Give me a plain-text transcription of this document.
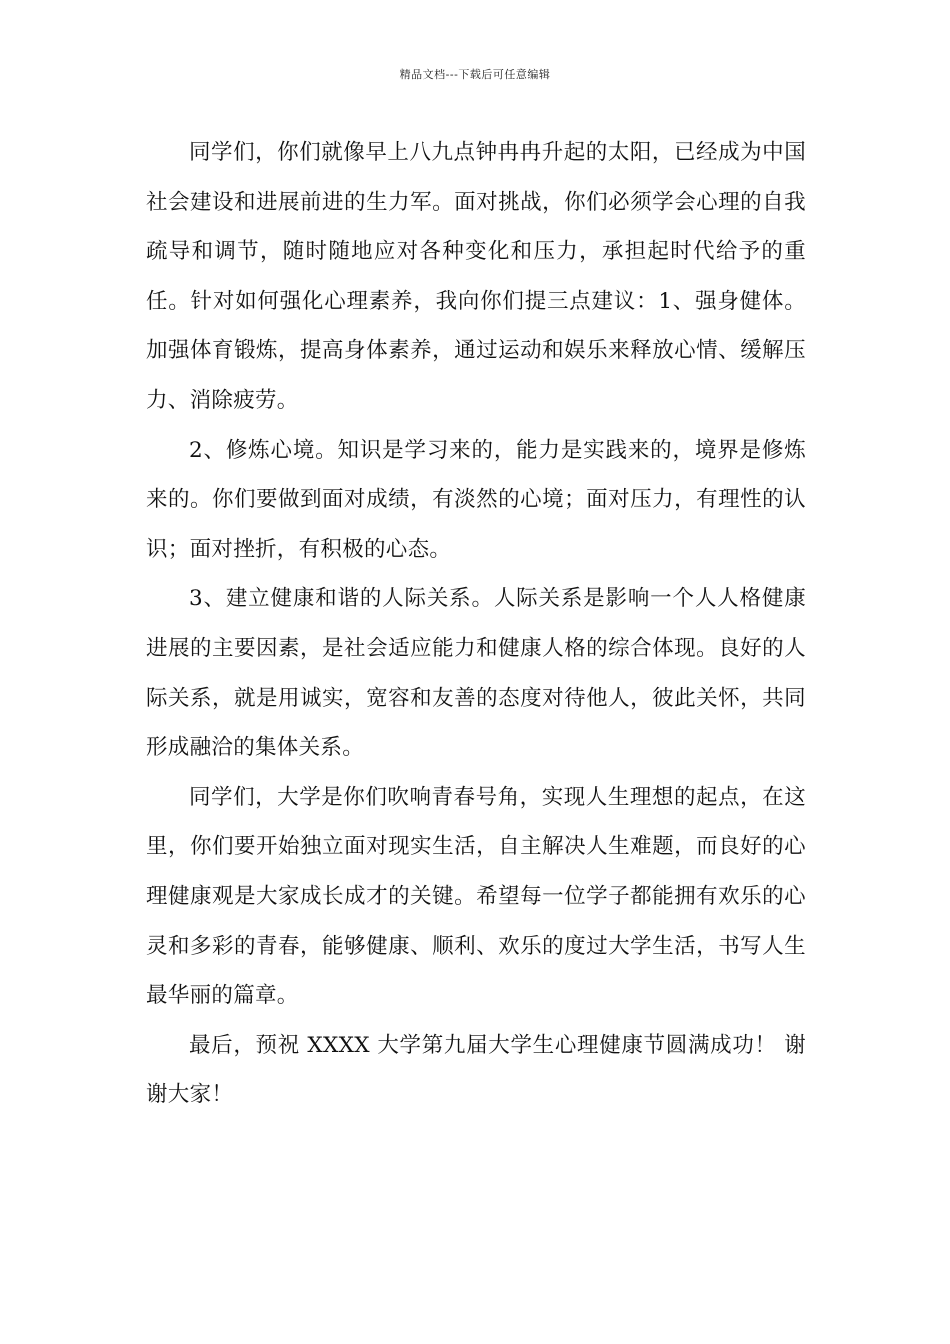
精品文档---下载后可任意编辑

同学们，你们就像早上八九点钟冉冉升起的太阳，已经成为中国社会建设和进展前进的生力军。面对挑战，你们必须学会心理的自我疏导和调节，随时随地应对各种变化和压力，承担起时代给予的重任。针对如何强化心理素养，我向你们提三点建议：1、强身健体。加强体育锻炼，提高身体素养，通过运动和娱乐来释放心情、缓解压力、消除疲劳。

2、修炼心境。知识是学习来的，能力是实践来的，境界是修炼来的。你们要做到面对成绩，有淡然的心境；面对压力，有理性的认识；面对挫折，有积极的心态。

3、建立健康和谐的人际关系。人际关系是影响一个人人格健康进展的主要因素，是社会适应能力和健康人格的综合体现。良好的人际关系，就是用诚实，宽容和友善的态度对待他人，彼此关怀，共同形成融洽的集体关系。

同学们，大学是你们吹响青春号角，实现人生理想的起点，在这里，你们要开始独立面对现实生活，自主解决人生难题，而良好的心理健康观是大家成长成才的关键。希望每一位学子都能拥有欢乐的心灵和多彩的青春，能够健康、顺利、欢乐的度过大学生活，书写人生最华丽的篇章。

最后，预祝 XXXX 大学第九届大学生心理健康节圆满成功！ 谢谢大家！
